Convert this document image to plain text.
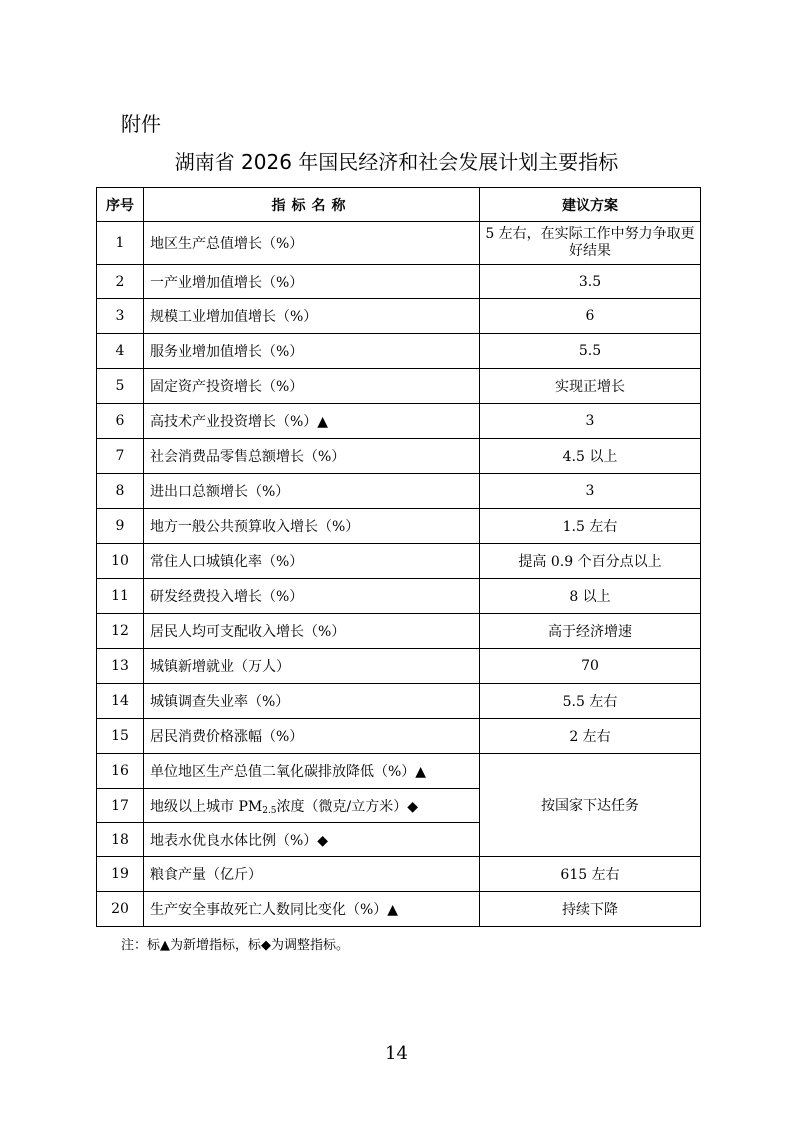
附件
湖南省 2026 年国民经济和社会发展计划主要指标
序号	指标名称	建议方案
1	地区生产总值增长（%）	5 左右，在实际工作中努力争取更好结果
2	一产业增加值增长（%）	3.5
3	规模工业增加值增长（%）	6
4	服务业增加值增长（%）	5.5
5	固定资产投资增长（%）	实现正增长
6	高技术产业投资增长（%）▲	3
7	社会消费品零售总额增长（%）	4.5 以上
8	进出口总额增长（%）	3
9	地方一般公共预算收入增长（%）	1.5 左右
10	常住人口城镇化率（%）	提高 0.9 个百分点以上
11	研发经费投入增长（%）	8 以上
12	居民人均可支配收入增长（%）	高于经济增速
13	城镇新增就业（万人）	70
14	城镇调查失业率（%）	5.5 左右
15	居民消费价格涨幅（%）	2 左右
16	单位地区生产总值二氧化碳排放降低（%）▲	按国家下达任务
17	地级以上城市 $PM_{2.5}$浓度（微克/立方米）◆	
18	地表水优良水体比例（%）◆	
19	粮食产量（亿斤）	615 左右
20	生产安全事故死亡人数同比变化（%）▲	持续下降
注：标▲为新增指标，标◆为调整指标。
14
